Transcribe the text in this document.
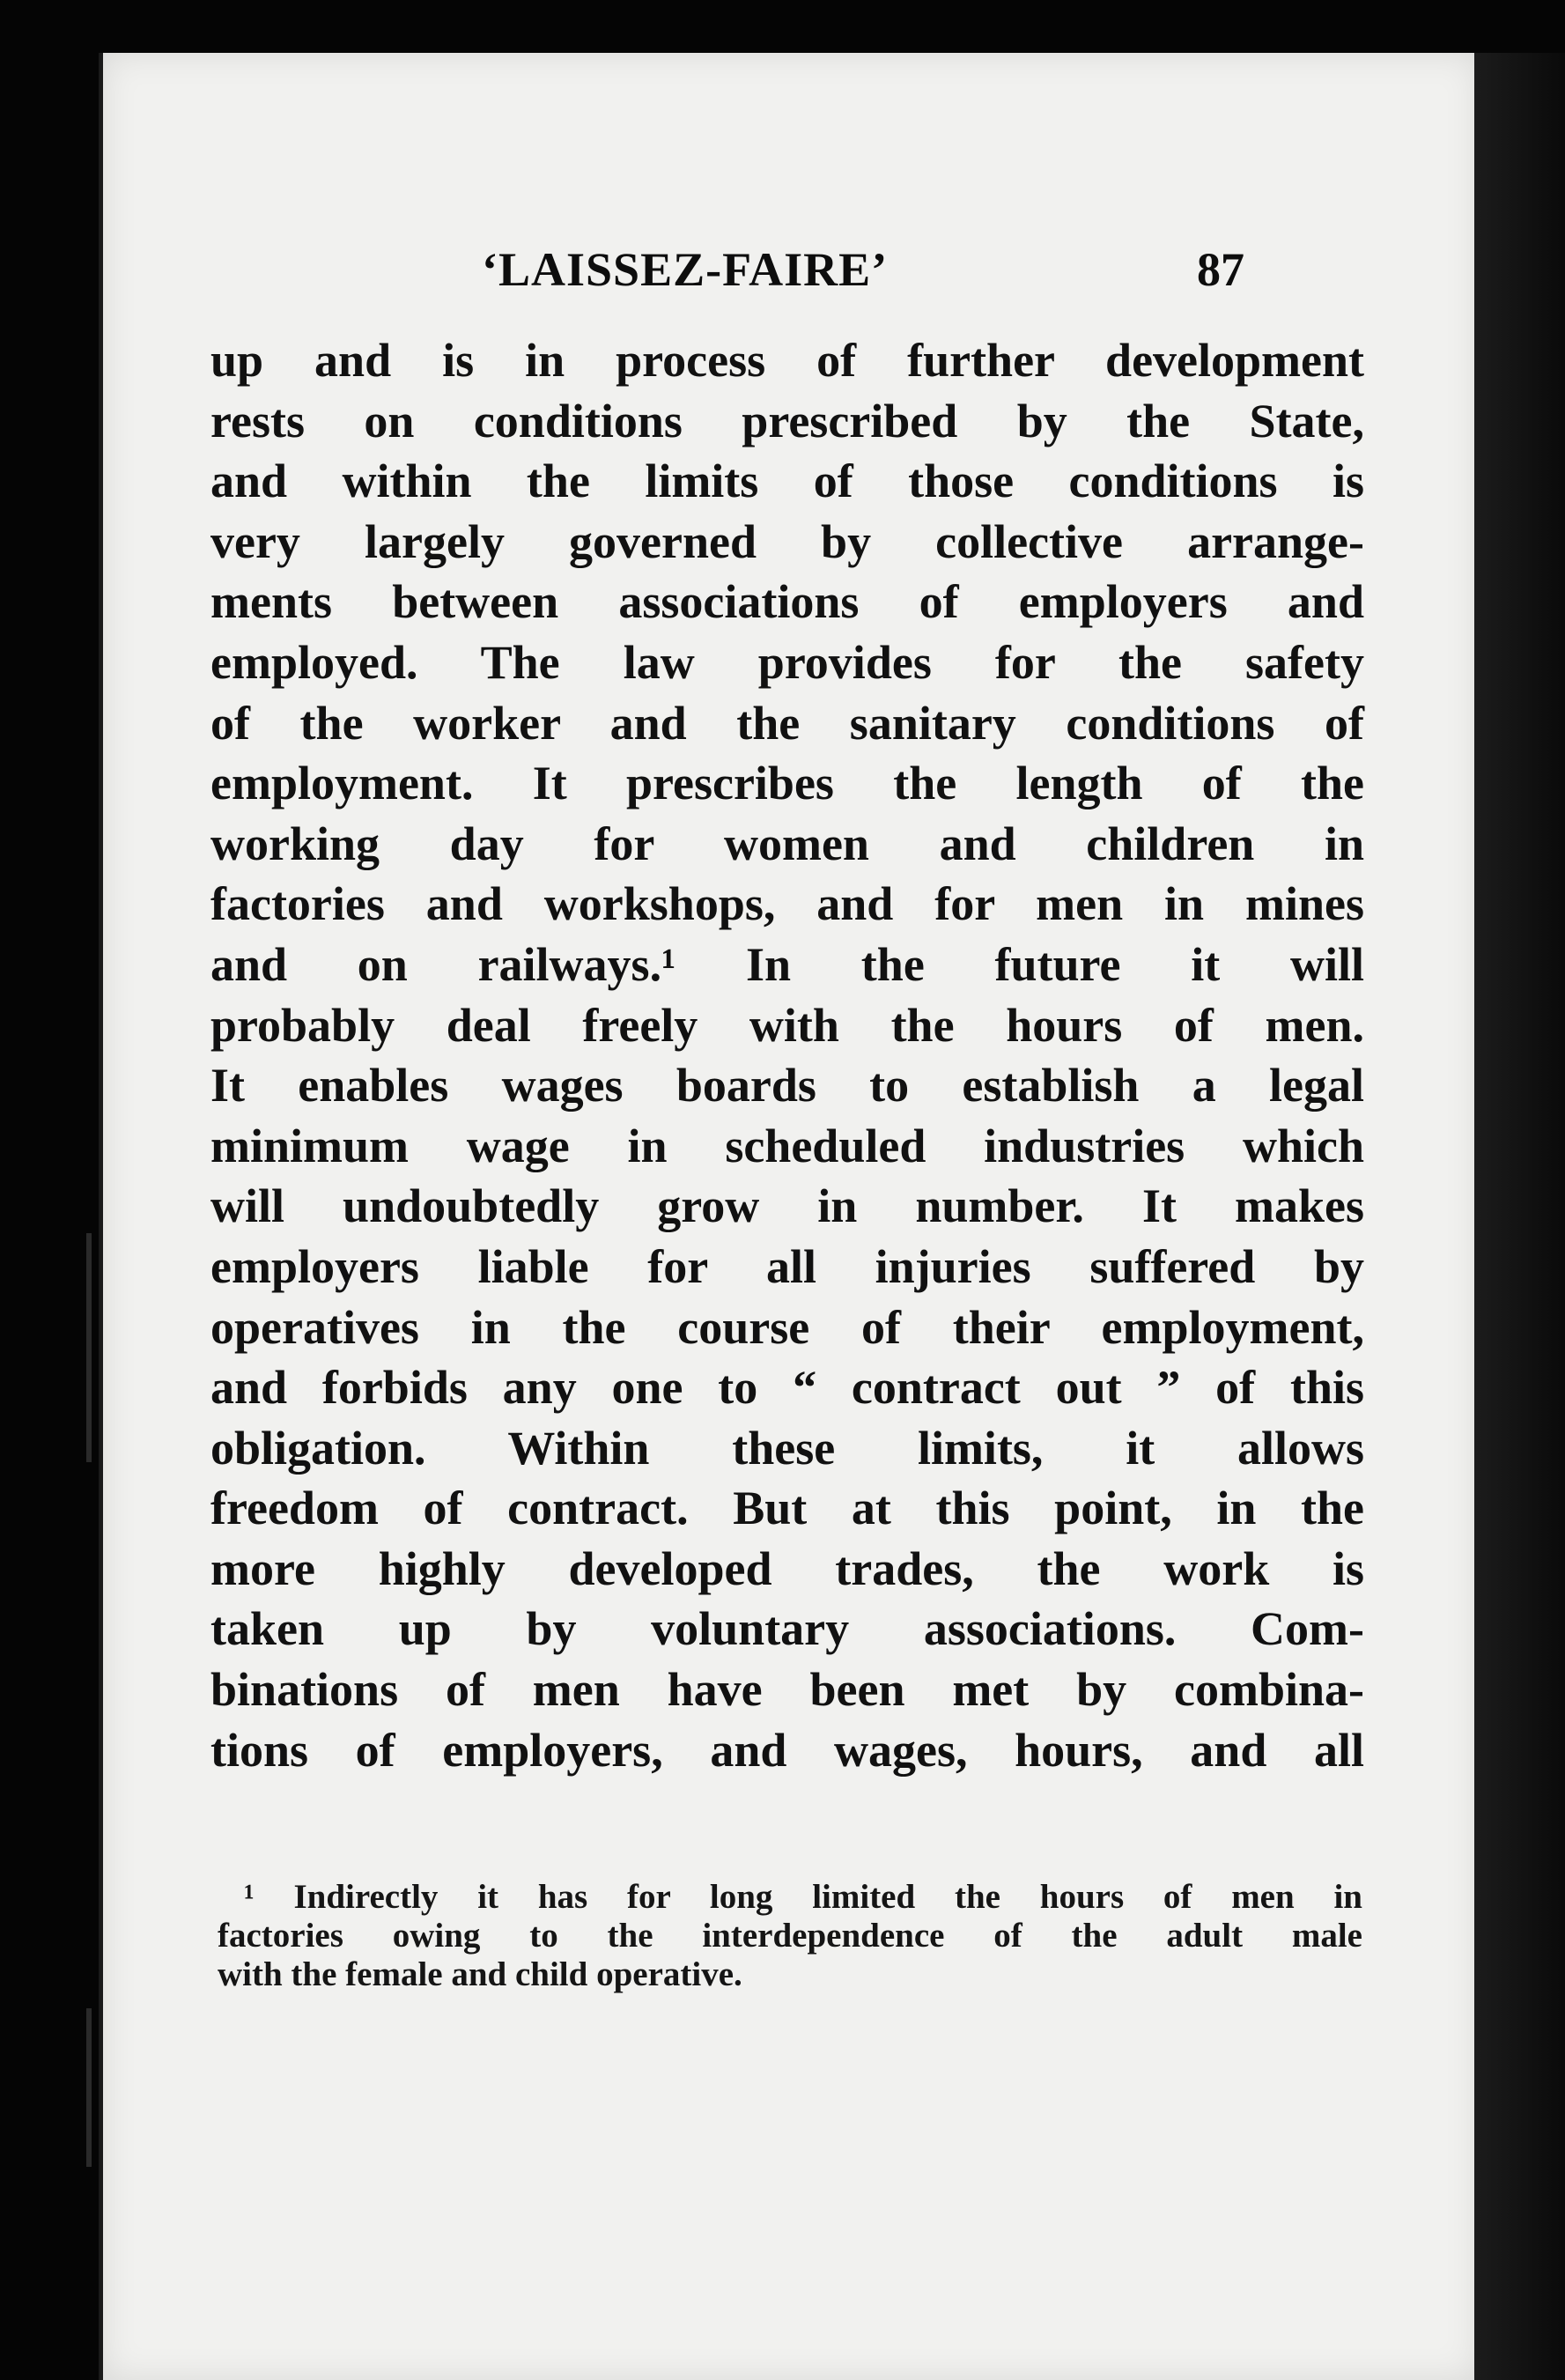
‘LAISSEZ-FAIRE’	87
up and is in process of further development
rests on conditions prescribed by the State,
and within the limits of those conditions is
very largely governed by collective arrange-
ments between associations of employers and
employed. The law provides for the safety
of the worker and the sanitary conditions of
employment. It prescribes the length of the
working day for women and children in
factories and workshops, and for men in mines
and on railways.¹ In the future it will
probably deal freely with the hours of men.
It enables wages boards to establish a legal
minimum wage in scheduled industries which
will undoubtedly grow in number. It makes
employers liable for all injuries suffered by
operatives in the course of their employment,
and forbids any one to “ contract out ” of this
obligation. Within these limits, it allows
freedom of contract. But at this point, in the
more highly developed trades, the work is
taken up by voluntary associations. Com-
binations of men have been met by combina-
tions of employers, and wages, hours, and all
¹ Indirectly it has for long limited the hours of men in
factories owing to the interdependence of the adult male
with the female and child operative.
